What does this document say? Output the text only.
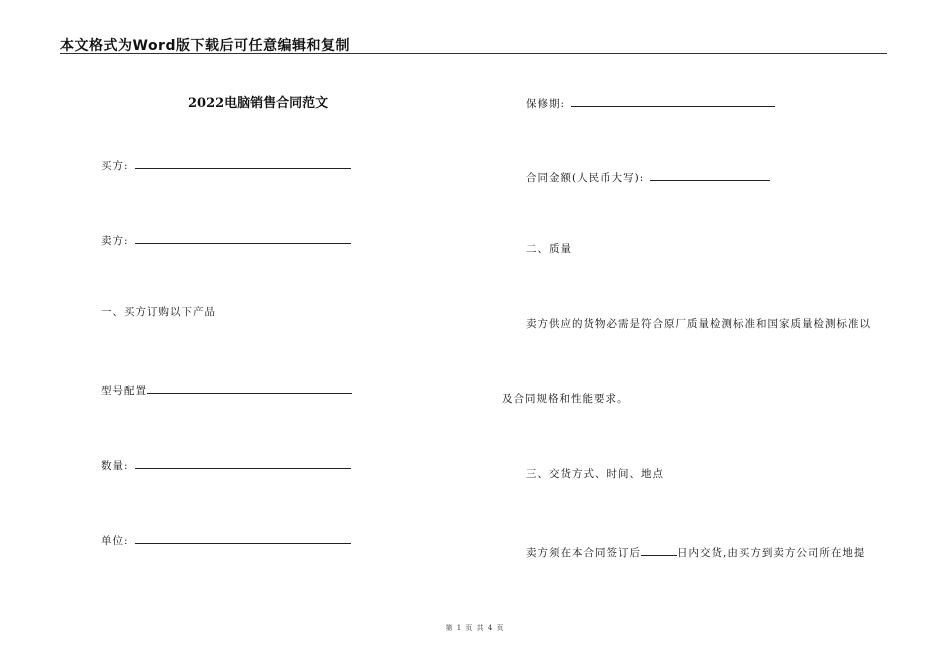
本文格式为Word版下载后可任意编辑和复制
2022电脑销售合同范文
买方:
卖方:
一、买方订购以下产品
型号配置
数量:
单位:
保修期:
合同金额(人民币大写):
二、质量
卖方供应的货物必需是符合原厂质量检测标准和国家质量检测标准以
及合同规格和性能要求。
三、交货方式、时间、地点
卖方须在本合同签订后	日内交货,由买方到卖方公司所在地提
第 1 页 共 4 页
